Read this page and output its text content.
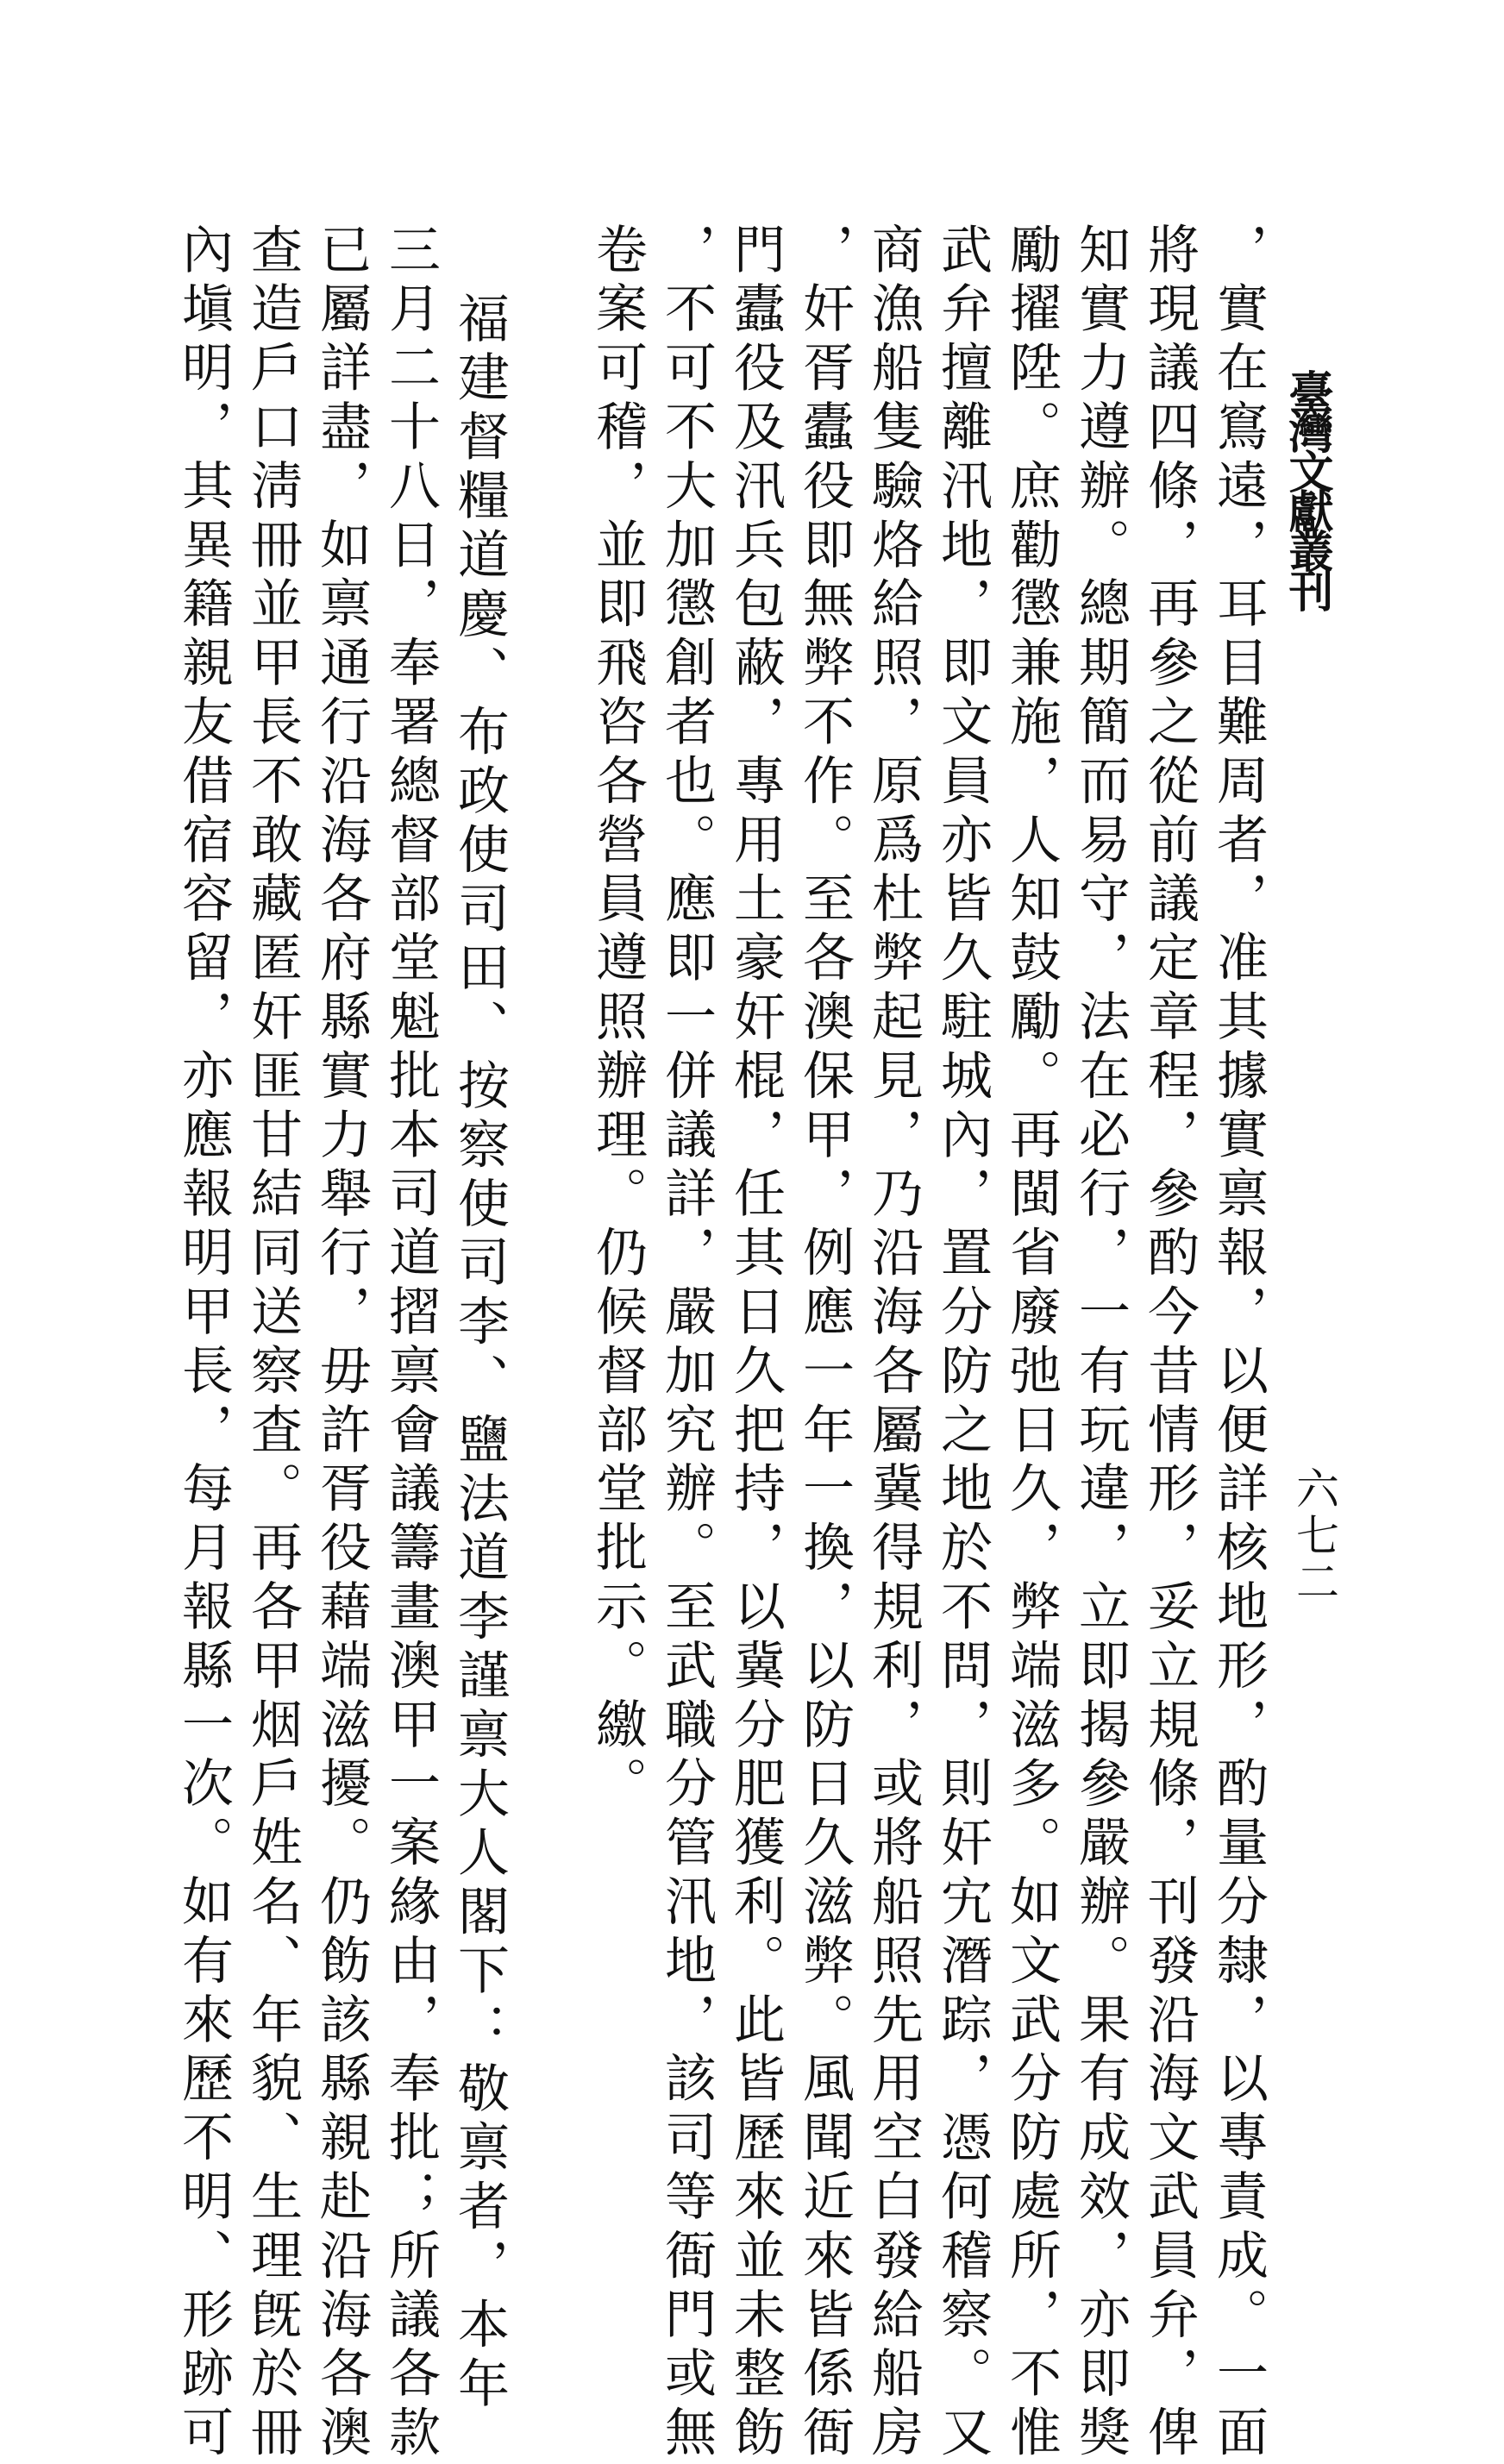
臺灣文獻叢刊
六七二
，實在窵遠，耳目難周者，准其據實禀報，以便詳核地形，酌量分隸，以專責成。一面
將現議四條，再參之從前議定章程，參酌今昔情形，妥立規條，刊發沿海文武員弁，俾
知實力遵辦。總期簡而易守，法在必行，一有玩違，立即揭參嚴辦。果有成效，亦即獎
勵擢陞。庶勸懲兼施，人知鼓勵。再閩省廢弛日久，弊端滋多。如文武分防處所，不惟
武弁擅離汛地，即文員亦皆久駐城內，置分防之地於不問，則奸宄潛踪，憑何稽察。又
商漁船隻驗烙給照，原爲杜弊起見，乃沿海各屬冀得規利，或將船照先用空白發給船房
，奸胥蠹役即無弊不作。至各澳保甲，例應一年一換，以防日久滋弊。風聞近來皆係衙
門蠹役及汛兵包蔽，專用土豪奸棍，任其日久把持，以冀分肥獲利。此皆歷來並未整飭
，不可不大加懲創者也。應即一併議詳，嚴加究辦。至武職分管汛地，該司等衙門或無
卷案可稽，並即飛咨各營員遵照辦理。仍候督部堂批示。繳。
福建督糧道慶、布政使司田、按察使司李、鹽法道李謹禀大人閣下：敬禀者，本年
三月二十八日，奉署總督部堂魁批本司道摺禀會議籌畫澳甲一案緣由，奉批；所議各款
已屬詳盡，如禀通行沿海各府縣實力舉行，毋許胥役藉端滋擾。仍飭該縣親赴沿海各澳
查造戶口淸冊並甲長不敢藏匿奸匪甘結同送察査。再各甲烟戶姓名、年貌、生理旣於冊
內塡明，其異籍親友借宿容留，亦應報明甲長，每月報縣一次。如有來歷不明、形跡可
